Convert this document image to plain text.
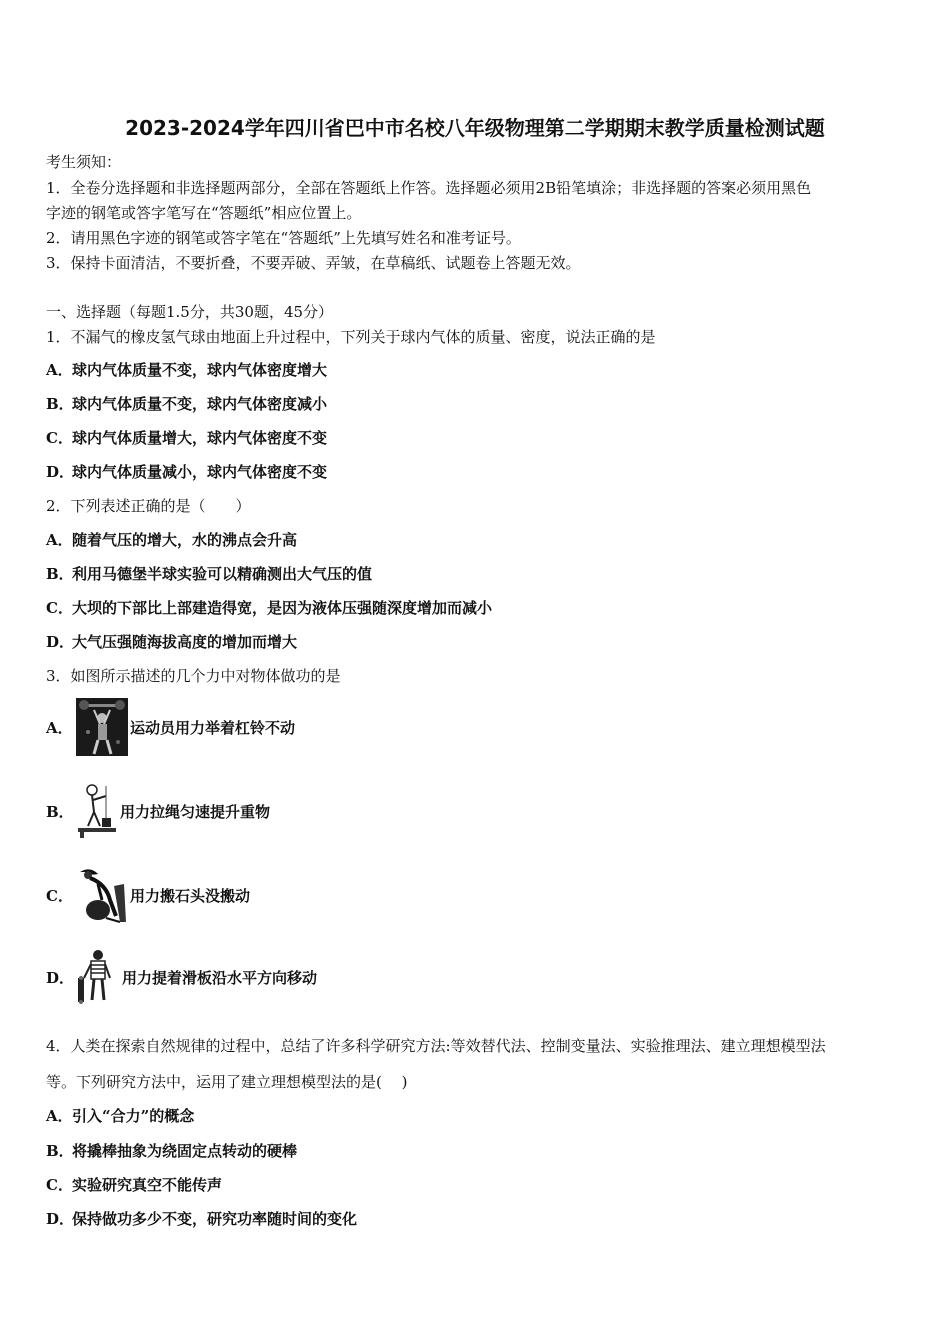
2023-2024学年四川省巴中市名校八年级物理第二学期期末教学质量检测试题
考生须知：
1．全卷分选择题和非选择题两部分，全部在答题纸上作答。选择题必须用2B铅笔填涂；非选择题的答案必须用黑色
字迹的钢笔或答字笔写在“答题纸”相应位置上。
2．请用黑色字迹的钢笔或答字笔在“答题纸”上先填写姓名和准考证号。
3．保持卡面清洁，不要折叠，不要弄破、弄皱，在草稿纸、试题卷上答题无效。
一、选择题（每题1.5分，共30题，45分）
1．不漏气的橡皮氢气球由地面上升过程中，下列关于球内气体的质量、密度，说法正确的是
A．球内气体质量不变，球内气体密度增大
B．球内气体质量不变，球内气体密度减小
C．球内气体质量增大，球内气体密度不变
D．球内气体质量减小，球内气体密度不变
2．下列表述正确的是（　　）
A．随着气压的增大，水的沸点会升高
B．利用马德堡半球实验可以精确测出大气压的值
C．大坝的下部比上部建造得宽，是因为液体压强随深度增加而减小
D．大气压强随海拔高度的增加而增大
3．如图所示描述的几个力中对物体做功的是
A．	运动员用力举着杠铃不动
B．	用力拉绳匀速提升重物
C．	用力搬石头没搬动
D．	用力提着滑板沿水平方向移动
4．人类在探索自然规律的过程中，总结了许多科学研究方法:等效替代法、控制变量法、实验推理法、建立理想模型法
等。下列研究方法中，运用了建立理想模型法的是(　 )
A．引入“合力”的概念
B．将撬棒抽象为绕固定点转动的硬棒
C．实验研究真空不能传声
D．保持做功多少不变，研究功率随时间的变化
